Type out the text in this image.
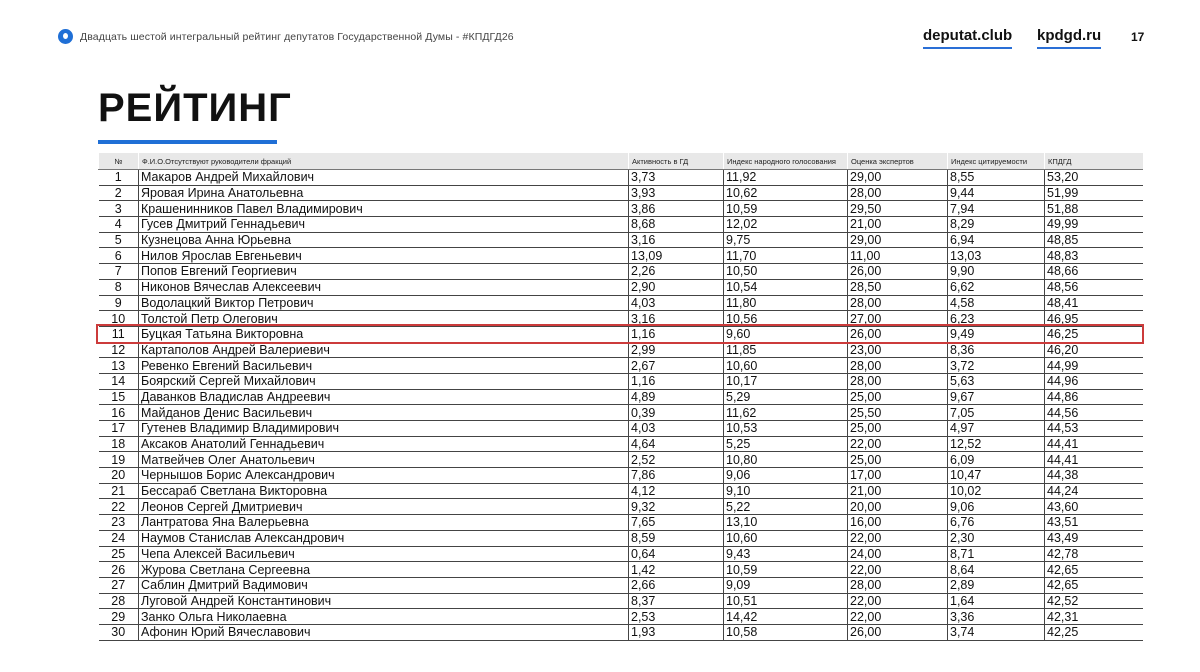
Двадцать шестой интегральный рейтинг депутатов Государственной Думы - #КПДГД26	deputat.club kpdgd.ru 17
РЕЙТИНГ
№	Ф.И.О.Отсутствуют руководители фракций	Активность в ГД	Индекс народного голосования	Оценка экспертов	Индекс цитируемости	КПДГД
1	Макаров Андрей Михайлович	3,73	11,92	29,00	8,55	53,20
2	Яровая Ирина Анатольевна	3,93	10,62	28,00	9,44	51,99
3	Крашенинников Павел Владимирович	3,86	10,59	29,50	7,94	51,88
4	Гусев Дмитрий Геннадьевич	8,68	12,02	21,00	8,29	49,99
5	Кузнецова Анна Юрьевна	3,16	9,75	29,00	6,94	48,85
6	Нилов Ярослав Евгеньевич	13,09	11,70	11,00	13,03	48,83
7	Попов Евгений Георгиевич	2,26	10,50	26,00	9,90	48,66
8	Никонов Вячеслав Алексеевич	2,90	10,54	28,50	6,62	48,56
9	Водолацкий Виктор Петрович	4,03	11,80	28,00	4,58	48,41
10	Толстой Петр Олегович	3,16	10,56	27,00	6,23	46,95
11	Буцкая Татьяна Викторовна	1,16	9,60	26,00	9,49	46,25
12	Картаполов Андрей Валериевич	2,99	11,85	23,00	8,36	46,20
13	Ревенко Евгений Васильевич	2,67	10,60	28,00	3,72	44,99
14	Боярский Сергей Михайлович	1,16	10,17	28,00	5,63	44,96
15	Даванков Владислав Андреевич	4,89	5,29	25,00	9,67	44,86
16	Майданов Денис Васильевич	0,39	11,62	25,50	7,05	44,56
17	Гутенев Владимир Владимирович	4,03	10,53	25,00	4,97	44,53
18	Аксаков Анатолий Геннадьевич	4,64	5,25	22,00	12,52	44,41
19	Матвейчев Олег Анатольевич	2,52	10,80	25,00	6,09	44,41
20	Чернышов Борис Александрович	7,86	9,06	17,00	10,47	44,38
21	Бессараб Светлана Викторовна	4,12	9,10	21,00	10,02	44,24
22	Леонов Сергей Дмитриевич	9,32	5,22	20,00	9,06	43,60
23	Лантратова Яна Валерьевна	7,65	13,10	16,00	6,76	43,51
24	Наумов Станислав Александрович	8,59	10,60	22,00	2,30	43,49
25	Чепа Алексей Васильевич	0,64	9,43	24,00	8,71	42,78
26	Журова Светлана Сергеевна	1,42	10,59	22,00	8,64	42,65
27	Саблин Дмитрий Вадимович	2,66	9,09	28,00	2,89	42,65
28	Луговой Андрей Константинович	8,37	10,51	22,00	1,64	42,52
29	Занко Ольга Николаевна	2,53	14,42	22,00	3,36	42,31
30	Афонин Юрий Вячеславович	1,93	10,58	26,00	3,74	42,25
